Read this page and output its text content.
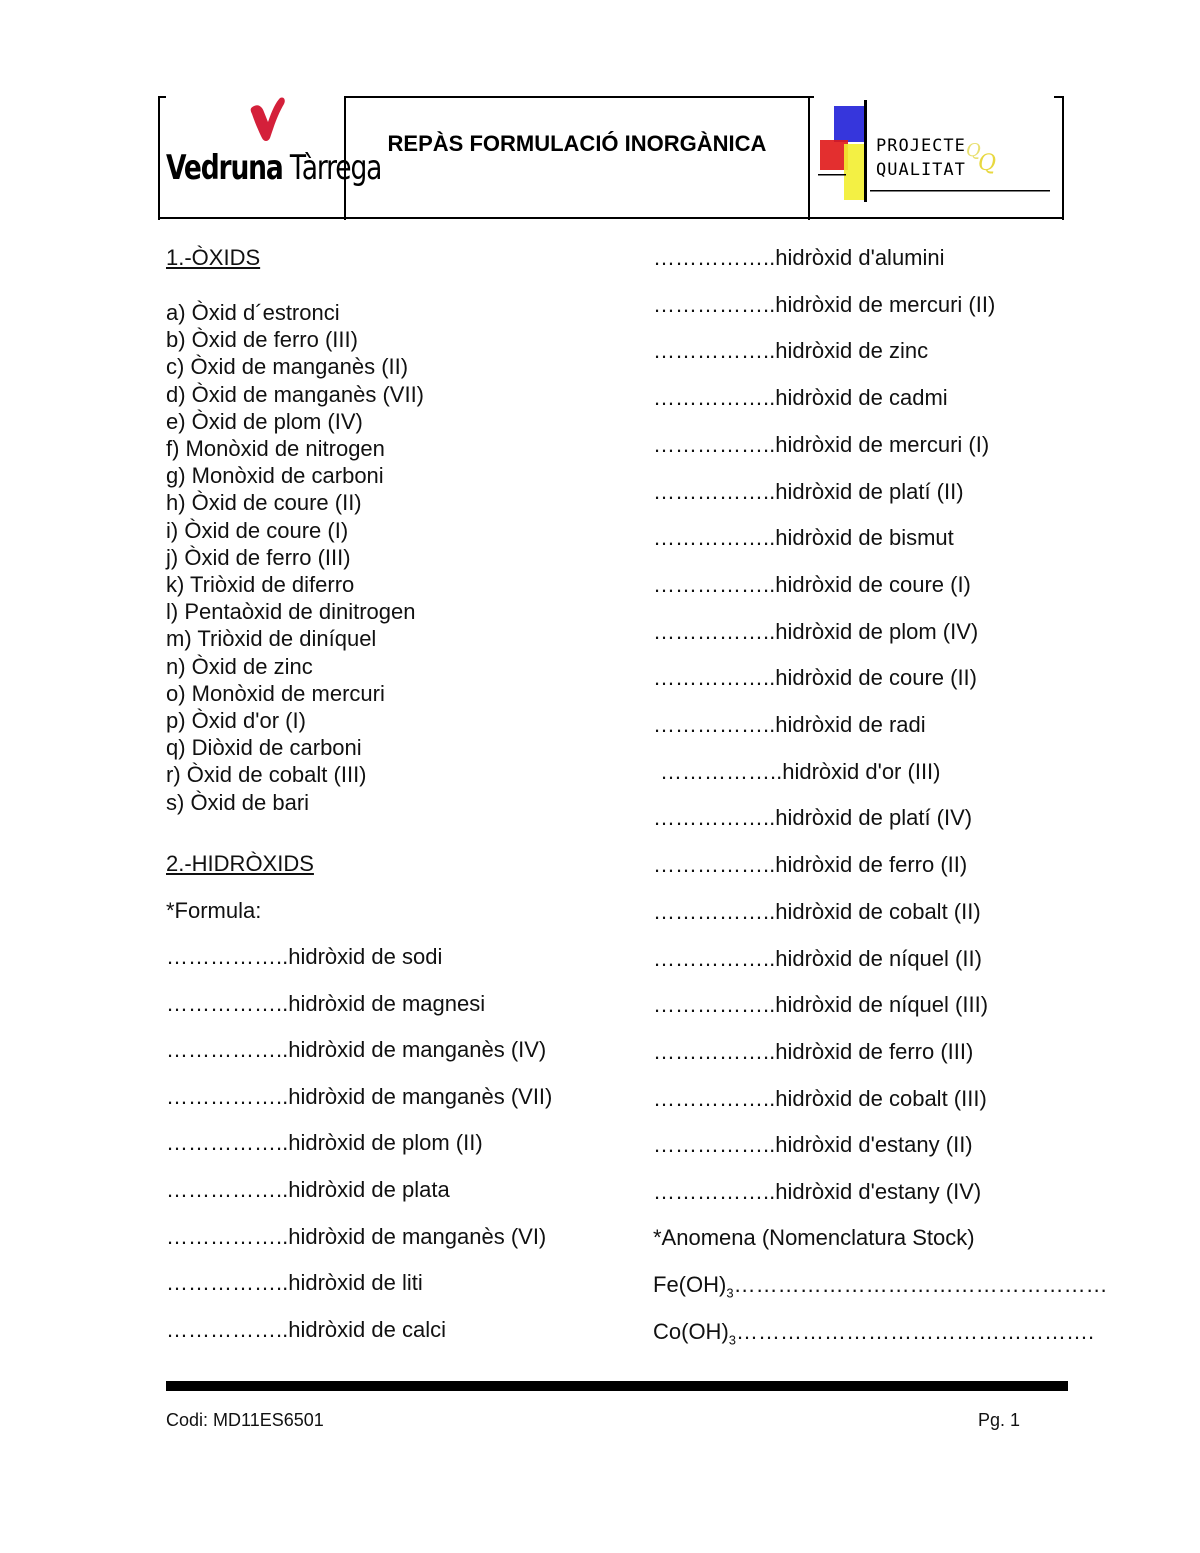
Vedruna Tàrrega
REPÀS FORMULACIÓ INORGÀNICA	Q
Q
PROJECTE
QUALITAT
1.-ÒXIDS
a) Òxid d´estronci
b) Òxid de ferro (III)
c) Òxid de manganès (II)
d) Òxid de manganès (VII)
e) Òxid de plom (IV)
f) Monòxid de nitrogen
g) Monòxid de carboni
h) Òxid de coure (II)
i) Òxid de coure (I)
j) Òxid de ferro (III)
k) Triòxid de diferro
l) Pentaòxid de dinitrogen
m) Triòxid de diníquel
n) Òxid de zinc
o) Monòxid de mercuri
p) Òxid d'or (I)
q) Diòxid de carboni
r) Òxid de cobalt (III)
s) Òxid de bari
2.-HIDRÒXIDS
*Formula:
……………..hidròxid de sodi
……………..hidròxid de magnesi
……………..hidròxid de manganès (IV)
……………..hidròxid de manganès (VII)
……………..hidròxid de plom (II)
……………..hidròxid de plata
……………..hidròxid de manganès (VI)
……………..hidròxid de liti
……………..hidròxid de calci
……………..hidròxid d'alumini
……………..hidròxid de mercuri (II)
……………..hidròxid de zinc
……………..hidròxid de cadmi
……………..hidròxid de mercuri (I)
……………..hidròxid de platí (II)
……………..hidròxid de bismut
……………..hidròxid de coure (I)
……………..hidròxid de plom (IV)
……………..hidròxid de coure (II)
……………..hidròxid de radi
……………..hidròxid d'or (III)
……………..hidròxid de platí (IV)
……………..hidròxid de ferro (II)
……………..hidròxid de cobalt (II)
……………..hidròxid de níquel (II)
……………..hidròxid de níquel (III)
……………..hidròxid de ferro (III)
……………..hidròxid de cobalt (III)
……………..hidròxid d'estany (II)
……………..hidròxid d'estany (IV)
*Anomena (Nomenclatura Stock)
$Fe(OH)_3\dots\dots\dots\dots\dots\dots\dots\dots\dots\dots\dots\dots\dots\dots\dots\dots\dots$
$Co(OH)_3\dots\dots\dots\dots\dots\dots\dots\dots\dots\dots\dots\dots\dots\dots\dots\dots$.
Codi: MD11ES6501	Pg. 1
